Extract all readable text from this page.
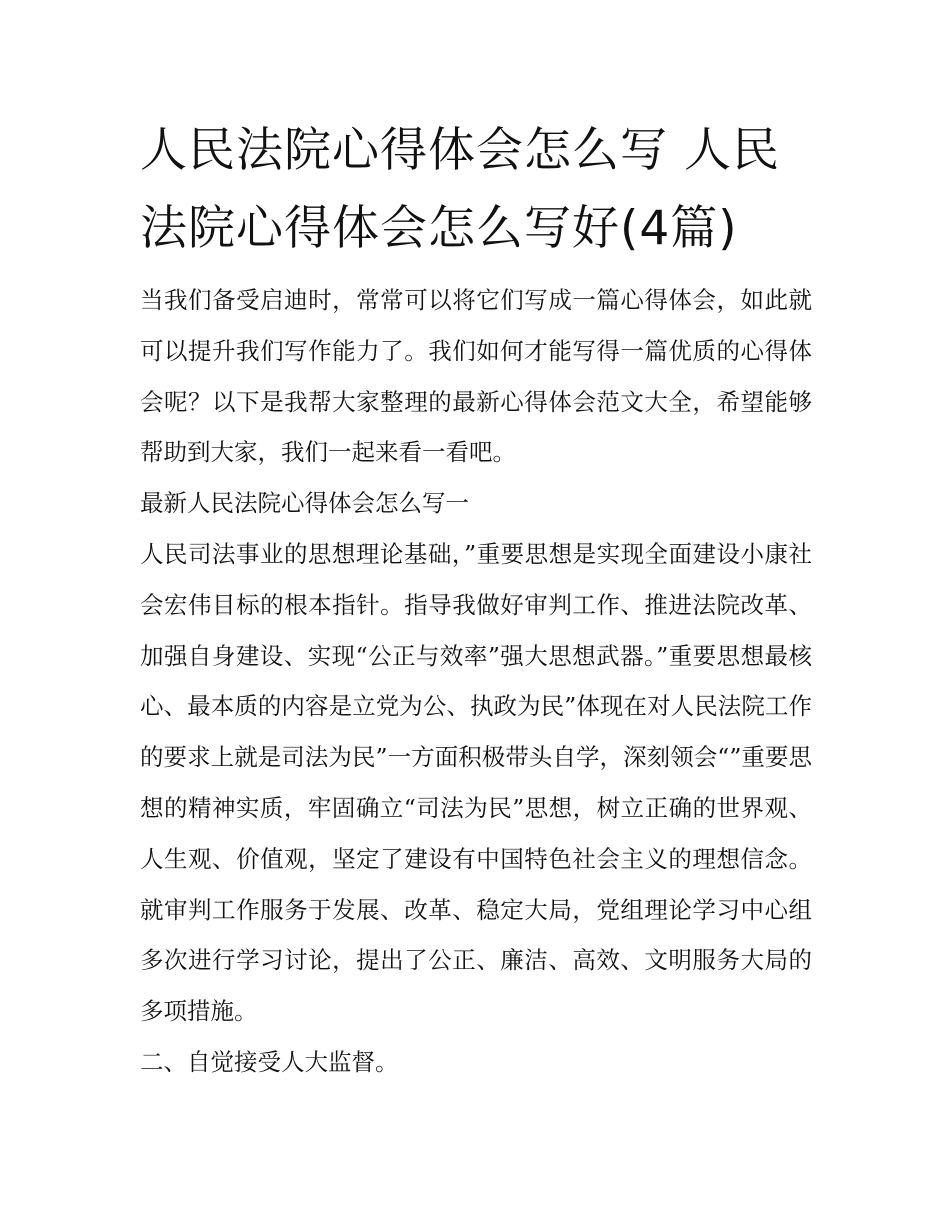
人民法院心得体会怎么写 人民法院心得体会怎么写好(4篇)

当我们备受启迪时，常常可以将它们写成一篇心得体会，如此就可以提升我们写作能力了。我们如何才能写得一篇优质的心得体会呢？以下是我帮大家整理的最新心得体会范文大全，希望能够帮助到大家，我们一起来看一看吧。

最新人民法院心得体会怎么写一

人民司法事业的思想理论基础，”重要思想是实现全面建设小康社会宏伟目标的根本指针。指导我做好审判工作、推进法院改革、加强自身建设、实现“公正与效率”强大思想武器。”重要思想最核心、最本质的内容是立党为公、执政为民”体现在对人民法院工作的要求上就是司法为民”一方面积极带头自学，深刻领会“”重要思想的精神实质，牢固确立“司法为民”思想，树立正确的世界观、人生观、价值观，坚定了建设有中国特色社会主义的理想信念。就审判工作服务于发展、改革、稳定大局，党组理论学习中心组多次进行学习讨论，提出了公正、廉洁、高效、文明服务大局的多项措施。

二、自觉接受人大监督。
